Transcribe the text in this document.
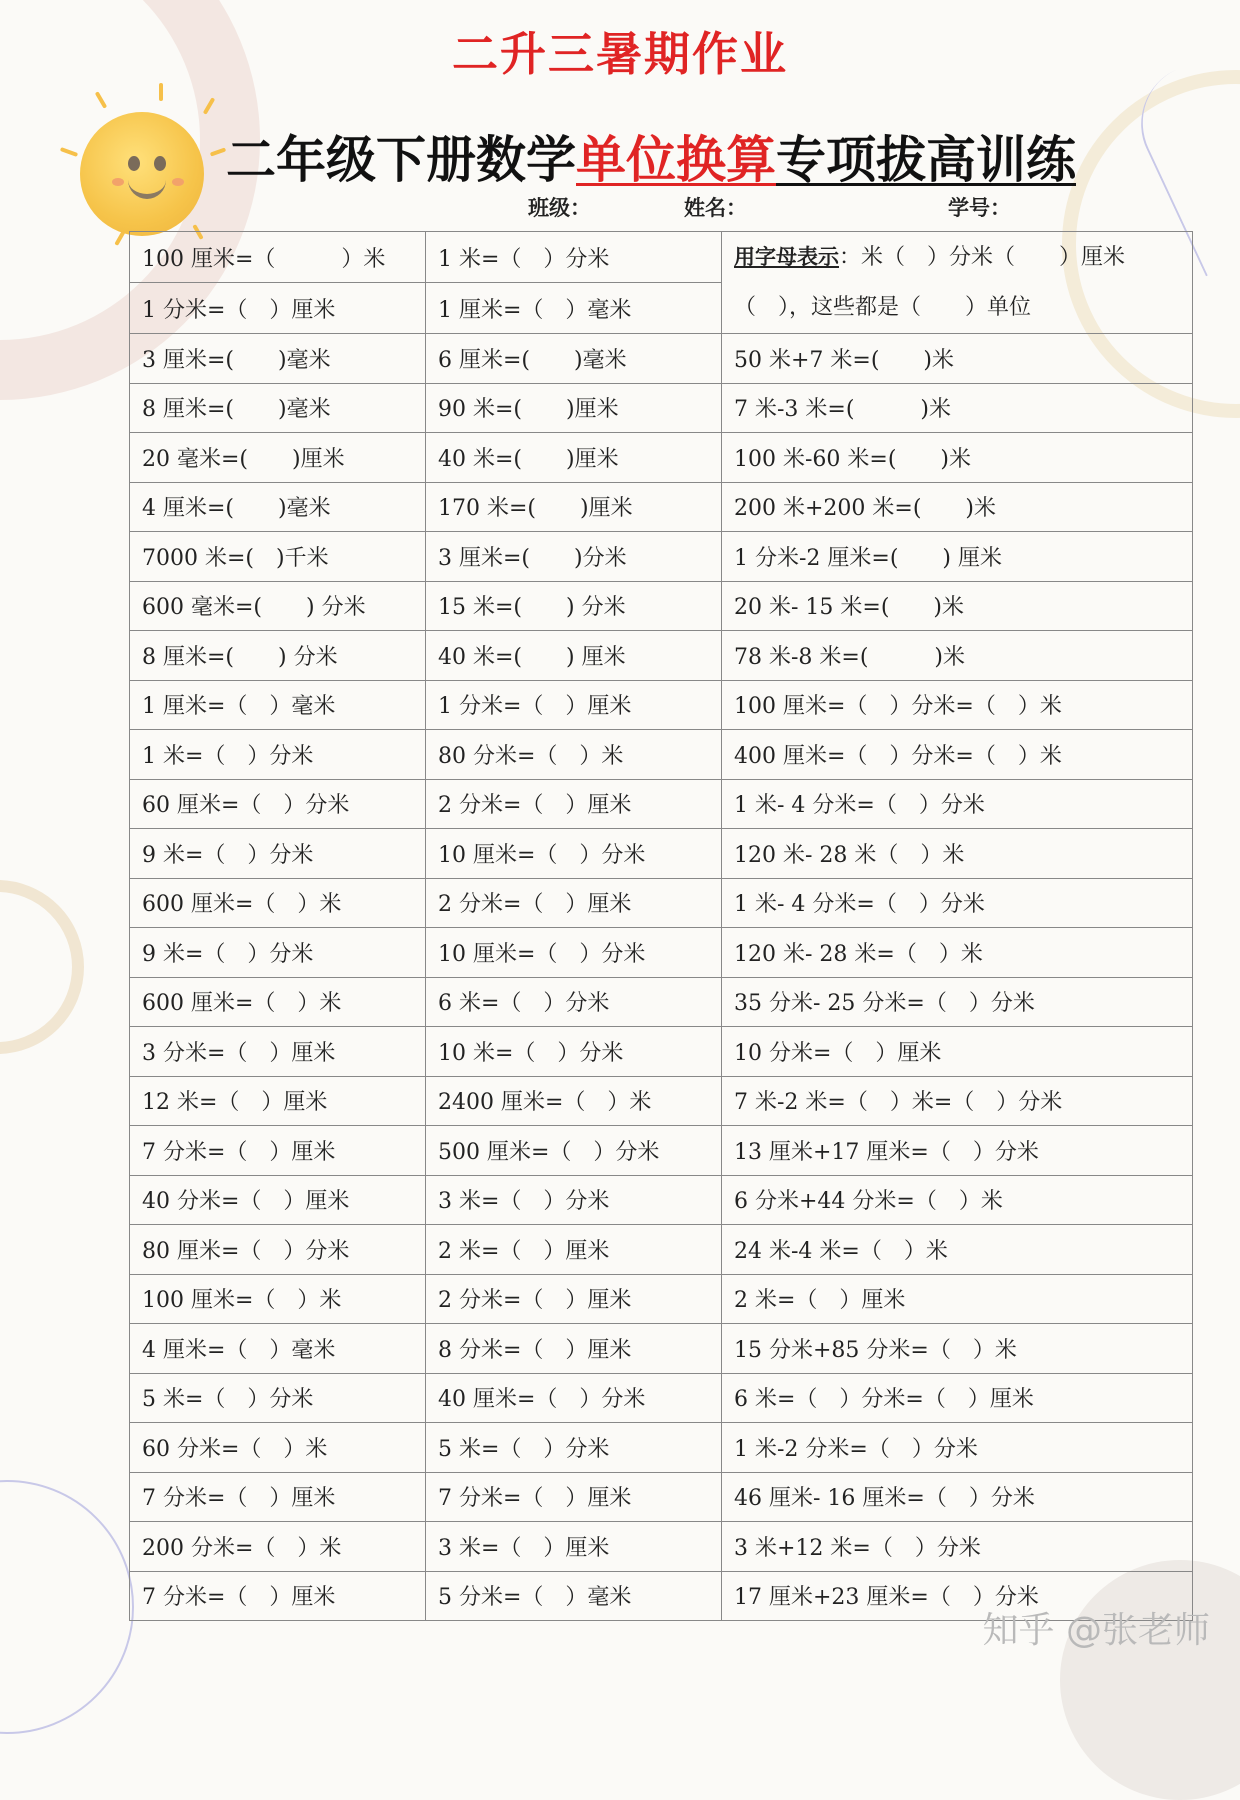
二升三暑期作业
二年级下册数学单位换算专项拔高训练
班级：	姓名：	学号：
100 厘米=（　　　）米	1 米=（　）分米	用字母表示：米（　）分米（　　）厘米
（　），这些都是（　　）单位
1 分米=（　）厘米	1 厘米=（　）毫米	
3 厘米=(　　)毫米	6 厘米=(　　)毫米	50 米+7 米=(　　)米
8 厘米=(　　)毫米	90 米=(　　)厘米	7 米-3 米=(　　　)米
20 毫米=(　　)厘米	40 米=(　　)厘米	100 米-60 米=(　　)米
4 厘米=(　　)毫米	170 米=(　　)厘米	200 米+200 米=(　　)米
7000 米=(　)千米	3 厘米=(　　)分米	1 分米-2 厘米=(　　) 厘米
600 毫米=(　　) 分米	15 米=(　　) 分米	20 米- 15 米=(　　)米
8 厘米=(　　) 分米	40 米=(　　) 厘米	78 米-8 米=(　　　)米
1 厘米=（　）毫米	1 分米=（　）厘米	100 厘米=（　）分米=（　）米
1 米=（　）分米	80 分米=（　）米	400 厘米=（　）分米=（　）米
60 厘米=（　）分米	2 分米=（　）厘米	1 米- 4 分米=（　）分米
9 米=（　）分米	10 厘米=（　）分米	120 米- 28 米（　）米
600 厘米=（　）米	2 分米=（　）厘米	1 米- 4 分米=（　）分米
9 米=（　）分米	10 厘米=（　）分米	120 米- 28 米=（　）米
600 厘米=（　）米	6 米=（　）分米	35 分米- 25 分米=（　）分米
3 分米=（　）厘米	10 米=（　）分米	10 分米=（　）厘米
12 米=（　）厘米	2400 厘米=（　）米	7 米-2 米=（　）米=（　）分米
7 分米=（　）厘米	500 厘米=（　）分米	13 厘米+17 厘米=（　）分米
40 分米=（　）厘米	3 米=（　）分米	6 分米+44 分米=（　）米
80 厘米=（　）分米	2 米=（　）厘米	24 米-4 米=（　）米
100 厘米=（　）米	2 分米=（　）厘米	2 米=（　）厘米
4 厘米=（　）毫米	8 分米=（　）厘米	15 分米+85 分米=（　）米
5 米=（　）分米	40 厘米=（　）分米	6 米=（　）分米=（　）厘米
60 分米=（　）米	5 米=（　）分米	1 米-2 分米=（　）分米
7 分米=（　）厘米	7 分米=（　）厘米	46 厘米- 16 厘米=（　）分米
200 分米=（　）米	3 米=（　）厘米	3 米+12 米=（　）分米
7 分米=（　）厘米	5 分米=（　）毫米	17 厘米+23 厘米=（　）分米
知乎 @张老师
